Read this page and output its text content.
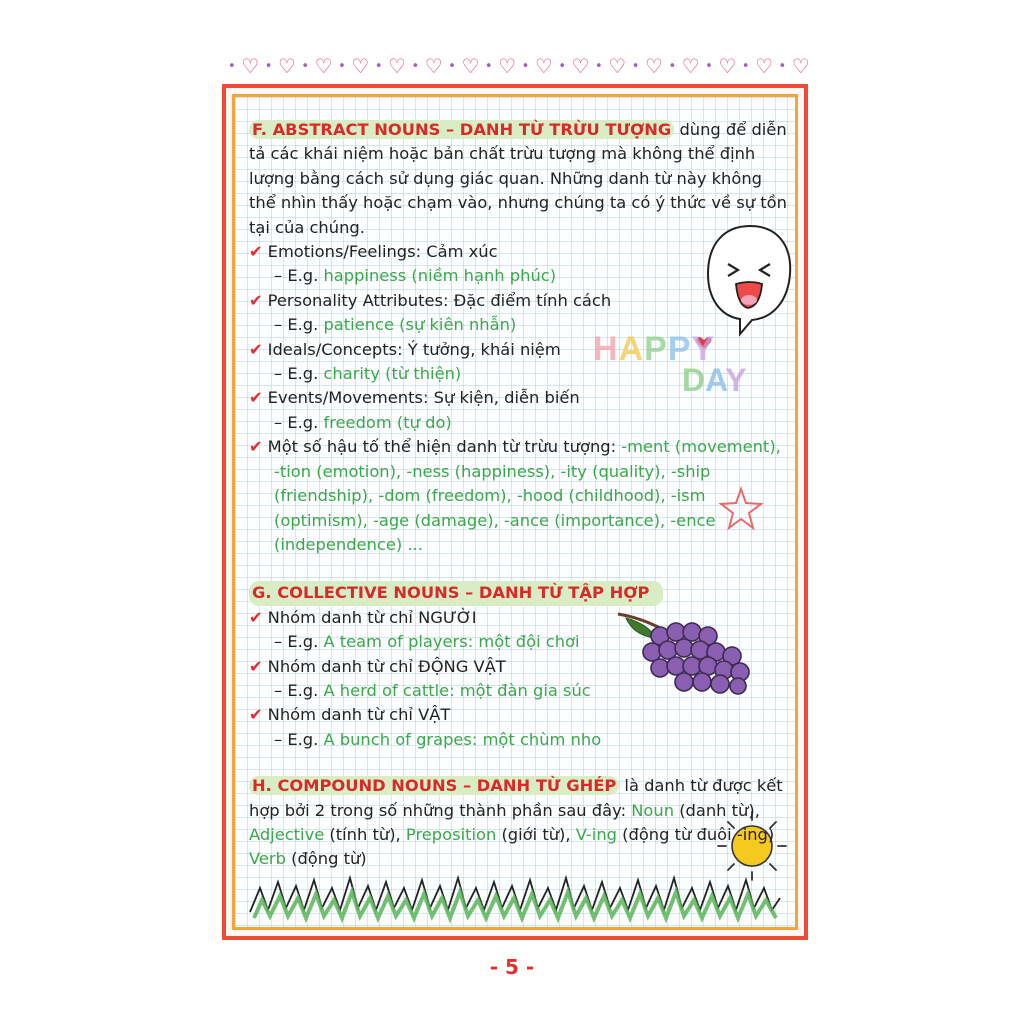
• ♡ • ♡ • ♡ • ♡ • ♡ • ♡ • ♡ • ♡ • ♡ • ♡ • ♡ • ♡ • ♡ • ♡ • ♡ • ♡
HAPPY
DAY

F. ABSTRACT NOUNS – DANH TỪ TRỪU TƯỢNG dùng để diễn tả các khái niệm hoặc bản chất trừu tượng mà không thể định lượng bằng cách sử dụng giác quan. Những danh từ này không thể nhìn thấy hoặc chạm vào, nhưng chúng ta có ý thức về sự tồn tại của chúng.

✔ Emotions/Feelings: Cảm xúc

– E.g. happiness (niềm hạnh phúc)

✔ Personality Attributes: Đặc điểm tính cách

– E.g. patience (sự kiên nhẫn)

✔ Ideals/Concepts: Ý tưởng, khái niệm

– E.g. charity (từ thiện)

✔ Events/Movements: Sự kiện, diễn biến

– E.g. freedom (tự do)

✔ Một số hậu tố thể hiện danh từ trừu tượng: -ment (movement), -tion (emotion), -ness (happiness), -ity (quality), -ship (friendship), -dom (freedom), -hood (childhood), -ism (optimism), -age (damage), -ance (importance), -ence (independence) ...

G. COLLECTIVE NOUNS – DANH TỪ TẬP HỢP

✔ Nhóm danh từ chỉ NGƯỜI

– E.g. A team of players: một đội chơi

✔ Nhóm danh từ chỉ ĐỘNG VẬT

– E.g. A herd of cattle: một đàn gia súc

✔ Nhóm danh từ chỉ VẬT

– E.g. A bunch of grapes: một chùm nho

H. COMPOUND NOUNS – DANH TỪ GHÉP là danh từ được kết hợp bởi 2 trong số những thành phần sau đây: Noun (danh từ), Adjective (tính từ), Preposition (giới từ), V-ing (động từ đuôi -ing)
Verb (động từ)

- 5 -
